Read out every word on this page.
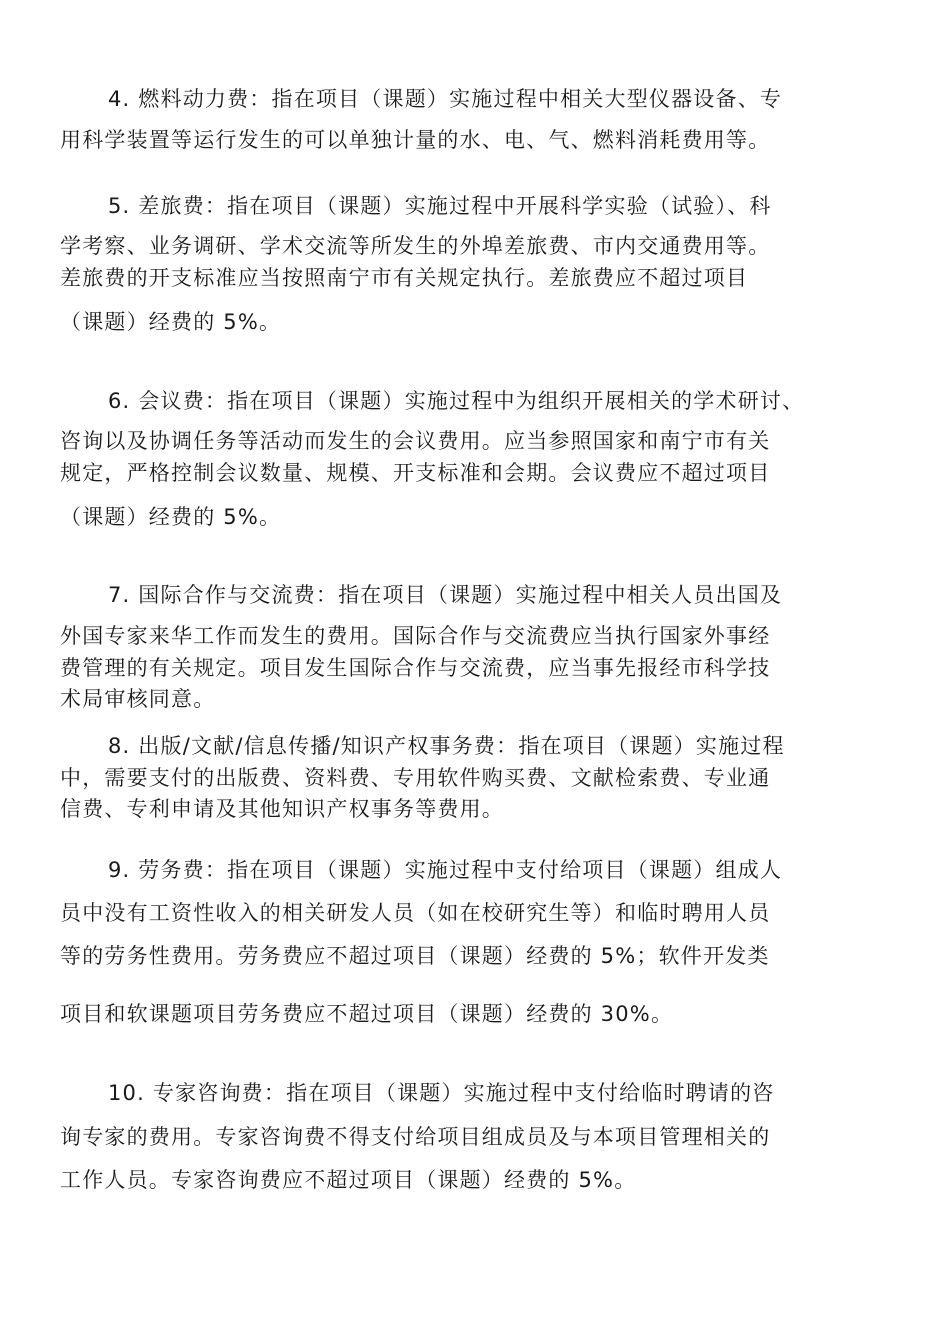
4. 燃料动力费：指在项目（课题）实施过程中相关大型仪器设备、专
用科学装置等运行发生的可以单独计量的水、电、气、燃料消耗费用等。
5. 差旅费：指在项目（课题）实施过程中开展科学实验（试验）、科
学考察、业务调研、学术交流等所发生的外埠差旅费、市内交通费用等。
差旅费的开支标准应当按照南宁市有关规定执行。差旅费应不超过项目
（课题）经费的 5%。
6. 会议费：指在项目（课题）实施过程中为组织开展相关的学术研讨、
咨询以及协调任务等活动而发生的会议费用。应当参照国家和南宁市有关
规定，严格控制会议数量、规模、开支标准和会期。会议费应不超过项目
（课题）经费的 5%。
7. 国际合作与交流费：指在项目（课题）实施过程中相关人员出国及
外国专家来华工作而发生的费用。国际合作与交流费应当执行国家外事经
费管理的有关规定。项目发生国际合作与交流费，应当事先报经市科学技
术局审核同意。
8. 出版/文献/信息传播/知识产权事务费：指在项目（课题）实施过程
中，需要支付的出版费、资料费、专用软件购买费、文献检索费、专业通
信费、专利申请及其他知识产权事务等费用。
9. 劳务费：指在项目（课题）实施过程中支付给项目（课题）组成人
员中没有工资性收入的相关研发人员（如在校研究生等）和临时聘用人员
等的劳务性费用。劳务费应不超过项目（课题）经费的 5%；软件开发类
项目和软课题项目劳务费应不超过项目（课题）经费的 30%。
10. 专家咨询费：指在项目（课题）实施过程中支付给临时聘请的咨
询专家的费用。专家咨询费不得支付给项目组成员及与本项目管理相关的
工作人员。专家咨询费应不超过项目（课题）经费的 5%。
